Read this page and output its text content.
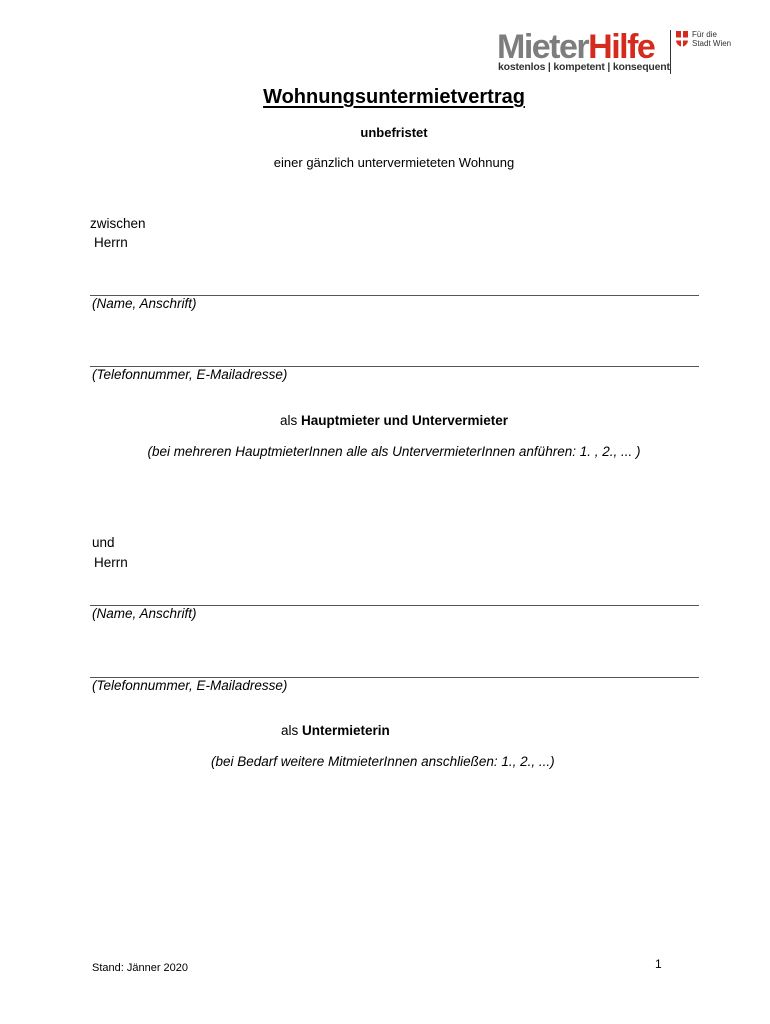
MieterHilfe
kostenlos | kompetent | konsequent
Für die
Stadt Wien
Wohnungsuntermietvertrag
unbefristet
einer gänzlich untervermieteten Wohnung
zwischen
Herrn
(Name, Anschrift)
(Telefonnummer, E-Mailadresse)
als Hauptmieter und Untervermieter
(bei mehreren HauptmieterInnen alle als UntervermieterInnen anführen: 1. , 2., ... )
und
Herrn
(Name, Anschrift)
(Telefonnummer, E-Mailadresse)
als Untermieterin
(bei Bedarf weitere MitmieterInnen anschließen: 1., 2., ...)
Stand: Jänner 2020	1
